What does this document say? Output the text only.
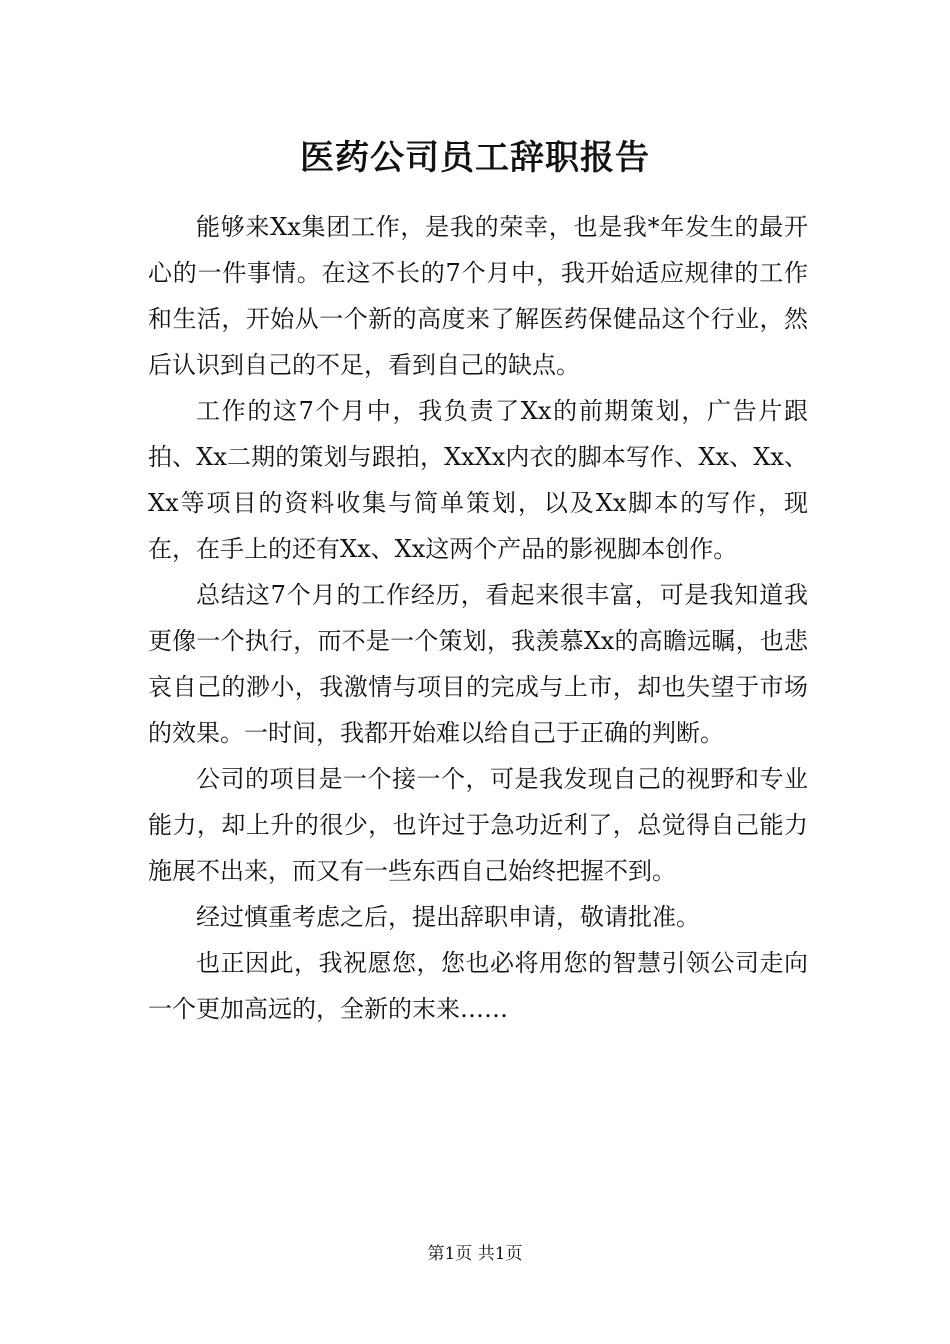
医药公司员工辞职报告

能够来Xx集团工作，是我的荣幸，也是我*年发生的最开心的一件事情。在这不长的7个月中，我开始适应规律的工作和生活，开始从一个新的高度来了解医药保健品这个行业，然后认识到自己的不足，看到自己的缺点。

工作的这7个月中，我负责了Xx的前期策划，广告片跟拍、Xx二期的策划与跟拍，XxXx内衣的脚本写作、Xx、Xx、Xx等项目的资料收集与简单策划，以及Xx脚本的写作，现在，在手上的还有Xx、Xx这两个产品的影视脚本创作。

总结这7个月的工作经历，看起来很丰富，可是我知道我更像一个执行，而不是一个策划，我羡慕Xx的高瞻远瞩，也悲哀自己的渺小，我激情与项目的完成与上市，却也失望于市场的效果。一时间，我都开始难以给自己于正确的判断。

公司的项目是一个接一个，可是我发现自己的视野和专业能力，却上升的很少，也许过于急功近利了，总觉得自己能力施展不出来，而又有一些东西自己始终把握不到。

经过慎重考虑之后，提出辞职申请，敬请批准。

也正因此，我祝愿您，您也必将用您的智慧引领公司走向一个更加高远的，全新的末来……

第1页 共1页
